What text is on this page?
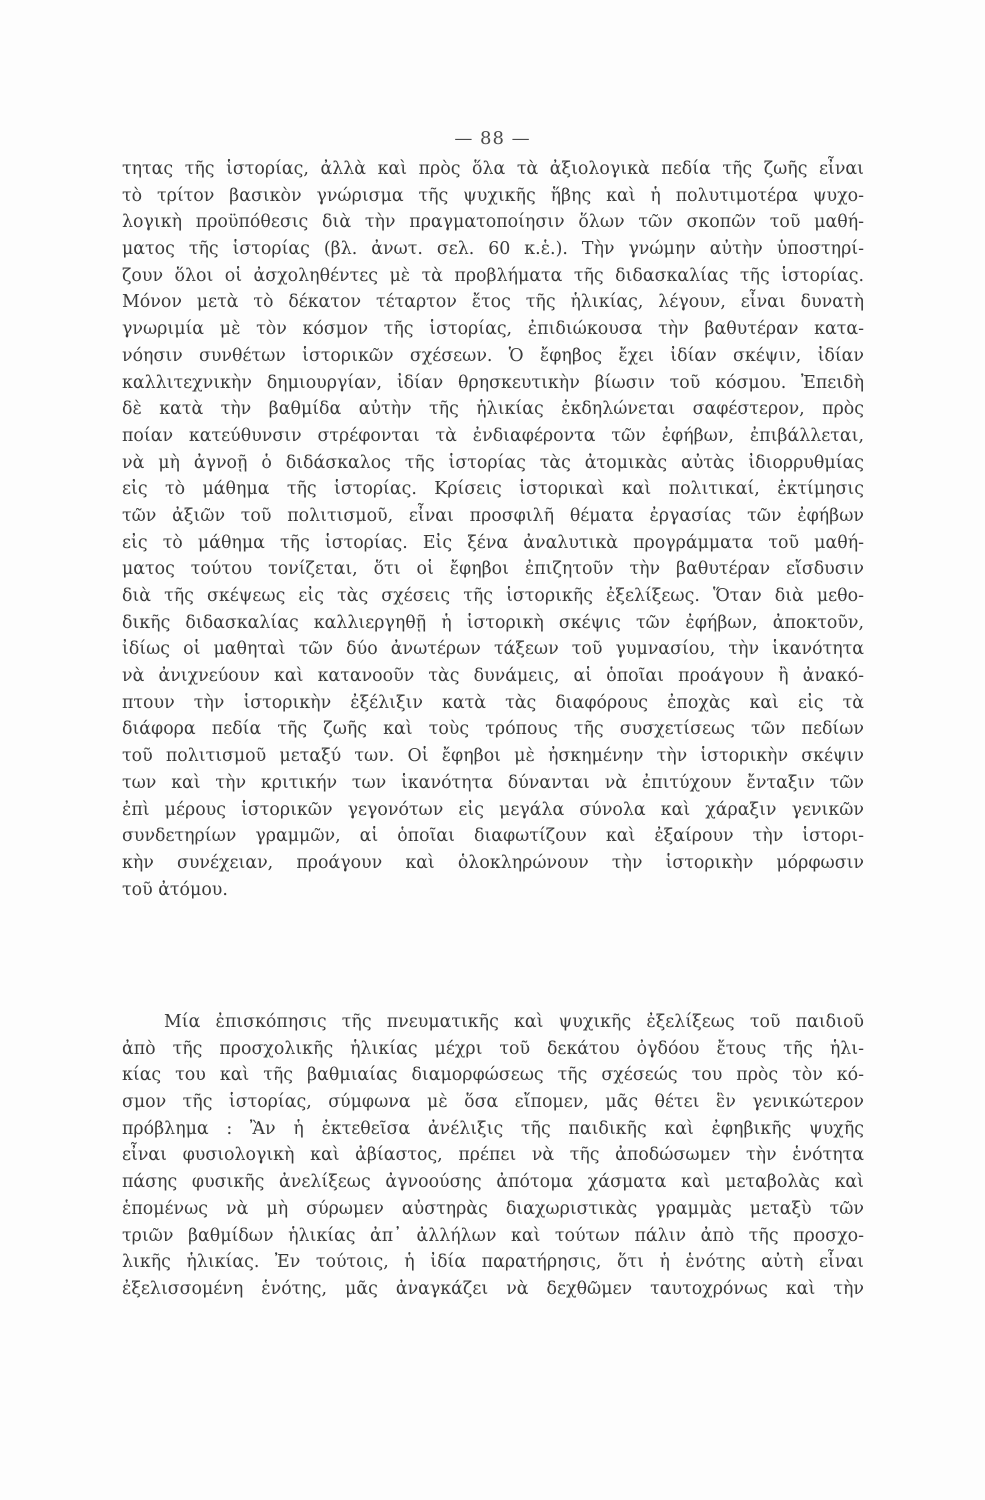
— 88 —
τητας τῆς ἱστορίας, ἀλλὰ καὶ πρὸς ὅλα τὰ ἀξιολογικὰ πεδία τῆς ζωῆς εἶναι
τὸ τρίτον βασικὸν γνώρισμα τῆς ψυχικῆς ἥβης καὶ ἡ πολυτιμοτέρα ψυχο-
λογικὴ προϋπόθεσις διὰ τὴν πραγματοποίησιν ὅλων τῶν σκοπῶν τοῦ μαθή-
ματος τῆς ἱστορίας (βλ. ἀνωτ. σελ. 60 κ.ἑ.). Τὴν γνώμην αὐτὴν ὑποστηρί-
ζουν ὅλοι οἱ ἀσχοληθέντες μὲ τὰ προβλήματα τῆς διδασκαλίας τῆς ἱστορίας.
Μόνον μετὰ τὸ δέκατον τέταρτον ἔτος τῆς ἡλικίας, λέγουν, εἶναι δυνατὴ
γνωριμία μὲ τὸν κόσμον τῆς ἱστορίας, ἐπιδιώκουσα τὴν βαθυτέραν κατα-
νόησιν συνθέτων ἱστορικῶν σχέσεων. Ὁ ἔφηβος ἔχει ἰδίαν σκέψιν, ἰδίαν
καλλιτεχνικὴν δημιουργίαν, ἰδίαν θρησκευτικὴν βίωσιν τοῦ κόσμου. Ἐπειδὴ
δὲ κατὰ τὴν βαθμίδα αὐτὴν τῆς ἡλικίας ἐκδηλώνεται σαφέστερον, πρὸς
ποίαν κατεύθυνσιν στρέφονται τὰ ἐνδιαφέροντα τῶν ἐφήβων, ἐπιβάλλεται,
νὰ μὴ ἀγνοῇ ὁ διδάσκαλος τῆς ἱστορίας τὰς ἀτομικὰς αὐτὰς ἰδιορρυθμίας
εἰς τὸ μάθημα τῆς ἱστορίας. Κρίσεις ἱστορικαὶ καὶ πολιτικαί, ἐκτίμησις
τῶν ἀξιῶν τοῦ πολιτισμοῦ, εἶναι προσφιλῆ θέματα ἐργασίας τῶν ἐφήβων
εἰς τὸ μάθημα τῆς ἱστορίας. Εἰς ξένα ἀναλυτικὰ προγράμματα τοῦ μαθή-
ματος τούτου τονίζεται, ὅτι οἱ ἔφηβοι ἐπιζητοῦν τὴν βαθυτέραν εἴσδυσιν
διὰ τῆς σκέψεως εἰς τὰς σχέσεις τῆς ἱστορικῆς ἐξελίξεως. Ὅταν διὰ μεθο-
δικῆς διδασκαλίας καλλιεργηθῇ ἡ ἱστορικὴ σκέψις τῶν ἐφήβων, ἀποκτοῦν,
ἰδίως οἱ μαθηταὶ τῶν δύο ἀνωτέρων τάξεων τοῦ γυμνασίου, τὴν ἱκανότητα
νὰ ἀνιχνεύουν καὶ κατανοοῦν τὰς δυνάμεις, αἱ ὁποῖαι προάγουν ἢ ἀνακό-
πτουν τὴν ἱστορικὴν ἐξέλιξιν κατὰ τὰς διαφόρους ἐποχὰς καὶ εἰς τὰ
διάφορα πεδία τῆς ζωῆς καὶ τοὺς τρόπους τῆς συσχετίσεως τῶν πεδίων
τοῦ πολιτισμοῦ μεταξύ των. Οἱ ἔφηβοι μὲ ἠσκημένην τὴν ἱστορικὴν σκέψιν
των καὶ τὴν κριτικήν των ἱκανότητα δύνανται νὰ ἐπιτύχουν ἔνταξιν τῶν
ἐπὶ μέρους ἱστορικῶν γεγονότων εἰς μεγάλα σύνολα καὶ χάραξιν γενικῶν
συνδετηρίων γραμμῶν, αἱ ὁποῖαι διαφωτίζουν καὶ ἐξαίρουν τὴν ἱστορι-
κὴν συνέχειαν, προάγουν καὶ ὁλοκληρώνουν τὴν ἱστορικὴν μόρφωσιν
τοῦ ἀτόμου.
Μία ἐπισκόπησις τῆς πνευματικῆς καὶ ψυχικῆς ἐξελίξεως τοῦ παιδιοῦ
ἀπὸ τῆς προσχολικῆς ἡλικίας μέχρι τοῦ δεκάτου ὀγδόου ἔτους τῆς ἡλι-
κίας του καὶ τῆς βαθμιαίας διαμορφώσεως τῆς σχέσεώς του πρὸς τὸν κό-
σμον τῆς ἱστορίας, σύμφωνα μὲ ὅσα εἴπομεν, μᾶς θέτει ἓν γενικώτερον
πρόβλημα : Ἂν ἡ ἐκτεθεῖσα ἀνέλιξις τῆς παιδικῆς καὶ ἐφηβικῆς ψυχῆς
εἶναι φυσιολογικὴ καὶ ἀβίαστος, πρέπει νὰ τῆς ἀποδώσωμεν τὴν ἑνότητα
πάσης φυσικῆς ἀνελίξεως ἀγνοούσης ἀπότομα χάσματα καὶ μεταβολὰς καὶ
ἑπομένως νὰ μὴ σύρωμεν αὐστηρὰς διαχωριστικὰς γραμμὰς μεταξὺ τῶν
τριῶν βαθμίδων ἡλικίας ἀπ᾿ ἀλλήλων καὶ τούτων πάλιν ἀπὸ τῆς προσχο-
λικῆς ἡλικίας. Ἐν τούτοις, ἡ ἰδία παρατήρησις, ὅτι ἡ ἑνότης αὐτὴ εἶναι
ἐξελισσομένη ἑνότης, μᾶς ἀναγκάζει νὰ δεχθῶμεν ταυτοχρόνως καὶ τὴν
